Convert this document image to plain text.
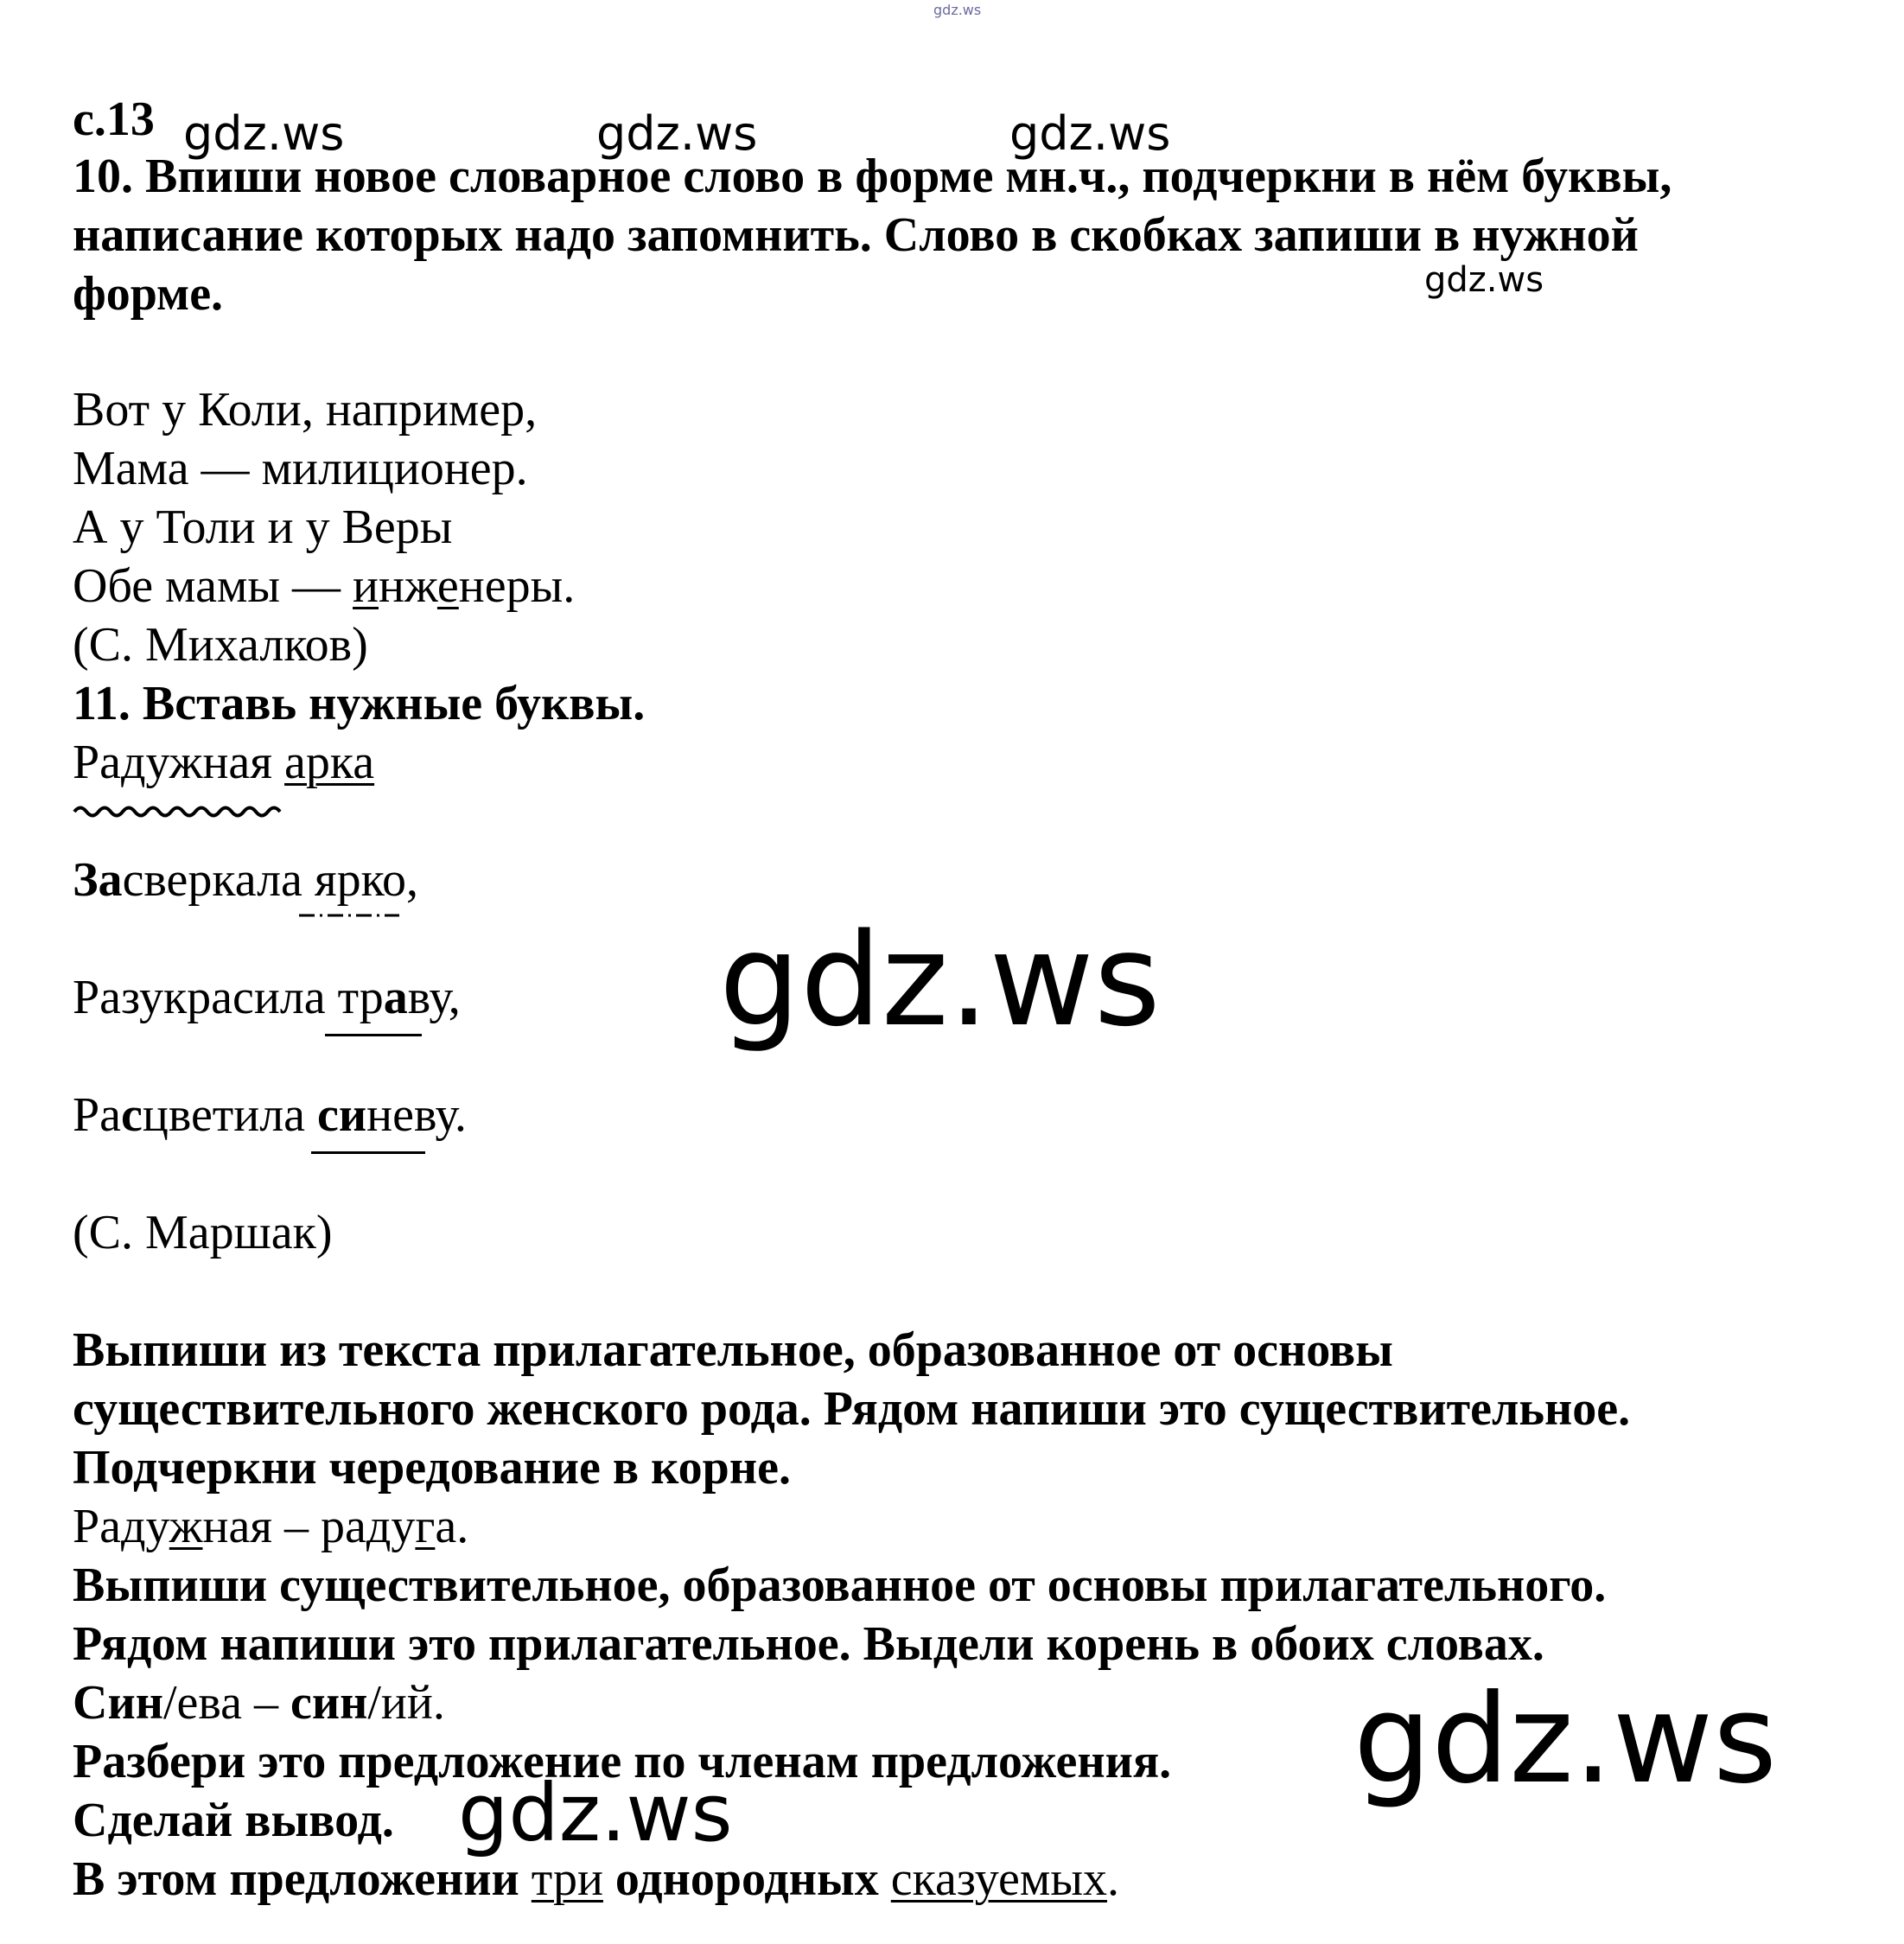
gdz.ws
с.13 gdz.ws	gdz.ws	gdz.ws
10. Впиши новое словарное слово в форме мн.ч., подчеркни в нём буквы,
написание которых надо запомнить. Слово в скобках запиши в нужной
форме.	gdz.ws
Вот у Коли, например,
Мама — милиционер.
А у Толи и у Веры
Обе мамы — инженеры.
(С. Михалков)
11. Вставь нужные буквы.
Радужная арка
Засверкала ярко,
Разукрасила траву,
Расцветила синеву.
(С. Маршак)
gdz.ws
Выпиши из текста прилагательное, образованное от основы
существительного женского рода. Рядом напиши это существительное.
Подчеркни чередование в корне.
Радужная – радуга.
Выпиши существительное, образованное от основы прилагательного.
Рядом напиши это прилагательное. Выдели корень в обоих словах.
Син/ева – син/ий.
Разбери это предложение по членам предложения.
Сделай вывод.
В этом предложении три однородных сказуемых.
gdz.ws
gdz.ws
